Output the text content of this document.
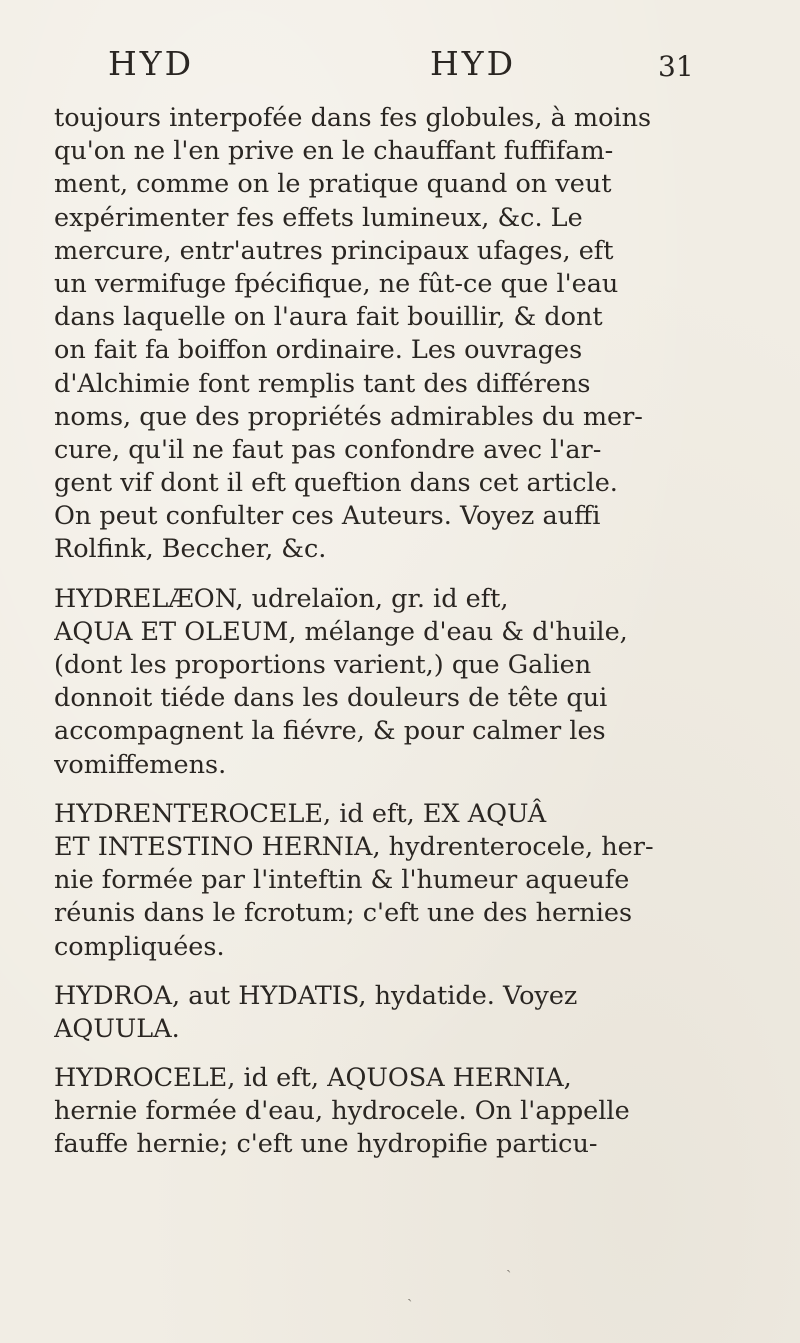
HYD	HYD	31
toujours interpofée dans fes globules, à moins
qu'on ne l'en prive en le chauffant fuffifam-
ment, comme on le pratique quand on veut
expérimenter fes effets lumineux, &c. Le
mercure, entr'autres principaux ufages, eft
un vermifuge fpécifique, ne fût-ce que l'eau
dans laquelle on l'aura fait bouillir, & dont
on fait fa boiffon ordinaire. Les ouvrages
d'Alchimie font remplis tant des différens
noms, que des propriétés admirables du mer-
cure, qu'il ne faut pas confondre avec l'ar-
gent vif dont il eft queftion dans cet article.
On peut confulter ces Auteurs. Voyez auffi
Rolfink, Beccher, &c.
HYDRELÆON, udrelaïon, gr. id eft,
AQUA ET OLEUM, mélange d'eau & d'huile,
(dont les proportions varient,) que Galien
donnoit tiéde dans les douleurs de tête qui
accompagnent la fiévre, & pour calmer les
vomiffemens.
HYDRENTEROCELE, id eft, EX AQUÂ
ET INTESTINO HERNIA, hydrenterocele, her-
nie formée par l'inteftin & l'humeur aqueufe
réunis dans le fcrotum; c'eft une des hernies
compliquées.
HYDROA, aut HYDATIS, hydatide. Voyez
AQUULA.
HYDROCELE, id eft, AQUOSA HERNIA,
hernie formée d'eau, hydrocele. On l'appelle
fauffe hernie; c'eft une hydropifie particu-
ˏ
ˎ
